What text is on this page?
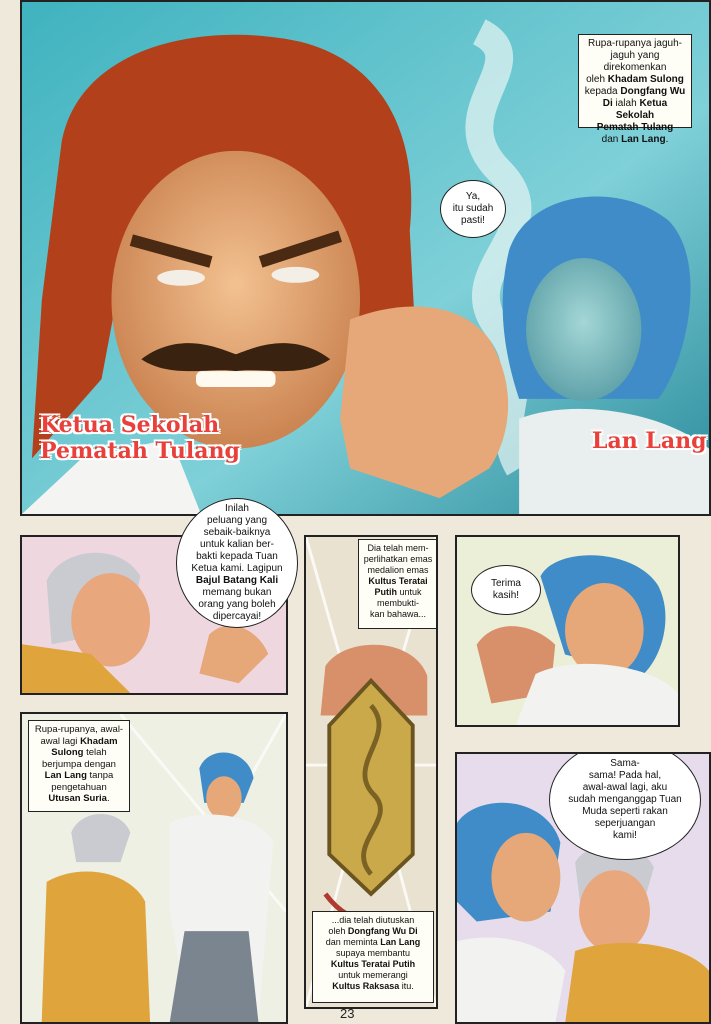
Rupa-rupanya jaguh-
jaguh yang direkomenkan
oleh Khadam Sulong
kepada Dongfang Wu
Di ialah Ketua Sekolah
Pematah Tulang
dan Lan Lang.
Ya,
itu sudah
pasti!
Ketua Sekolah
Pematah Tulang	Lan Lang
Inilah
peluang yang
sebaik-baiknya
untuk kalian ber-
bakti kepada Tuan
Ketua kami. Lagipun
Bajul Batang Kali
memang bukan
orang yang boleh
dipercayai!
Dia telah mem-
perlihatkan emas
medalion emas
Kultus Teratai
Putih untuk
membukti-
kan bahawa...
...dia telah diutuskan
oleh Dongfang Wu Di
dan meminta Lan Lang
supaya membantu
Kultus Teratai Putih
untuk memerangi
Kultus Raksasa itu.
Terima
kasih!
Rupa-rupanya, awal-
awal lagi Khadam
Sulong telah
berjumpa dengan
Lan Lang tanpa
pengetahuan
Utusan Suria.
Sama-
sama! Pada hal,
awal-awal lagi, aku
sudah menganggap Tuan
Muda seperti rakan
seperjuangan
kami!
23
